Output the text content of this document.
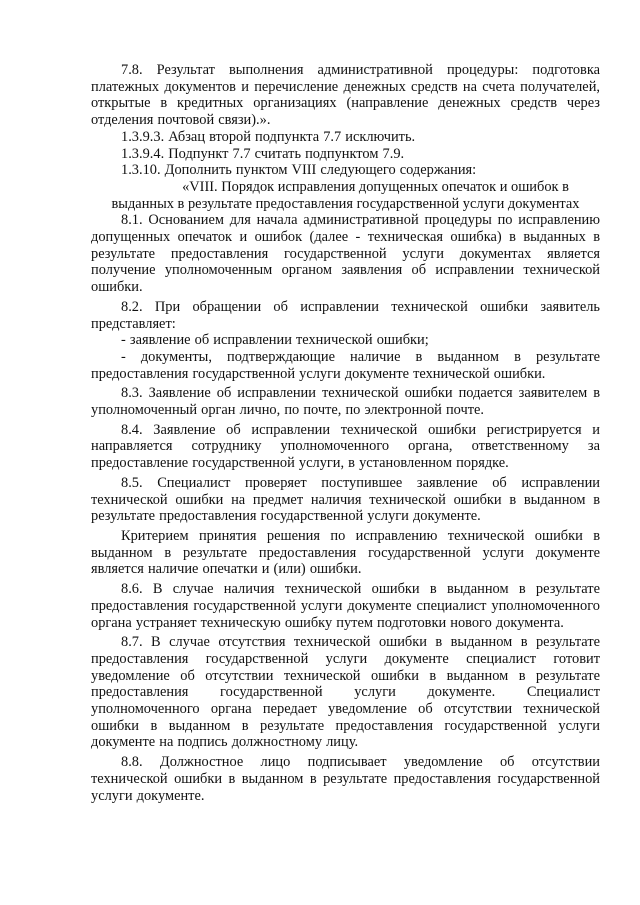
7.8. Результат выполнения административной процедуры: подготовка платежных документов и перечисление денежных средств на счета получателей, открытые в кредитных организациях (направление денежных средств через отделения почтовой связи).».

1.3.9.3. Абзац второй подпункта 7.7 исключить.

1.3.9.4. Подпункт 7.7 считать подпунктом 7.9.

1.3.10. Дополнить пунктом VIII следующего содержания:

«VIII. Порядок исправления допущенных опечаток и ошибок в
выданных в результате предоставления государственной услуги документах

8.1. Основанием для начала административной процедуры по исправлению допущенных опечаток и ошибок (далее - техническая ошибка) в выданных в результате предоставления государственной услуги документах является получение уполномоченным органом заявления об исправлении технической ошибки.

8.2. При обращении об исправлении технической ошибки заявитель представляет:

- заявление об исправлении технической ошибки;

- документы, подтверждающие наличие в выданном в результате предоставления государственной услуги документе технической ошибки.

8.3. Заявление об исправлении технической ошибки подается заявителем в уполномоченный орган лично, по почте, по электронной почте.

8.4. Заявление об исправлении технической ошибки регистрируется и направляется сотруднику уполномоченного органа, ответственному за предоставление государственной услуги, в установленном порядке.

8.5. Специалист проверяет поступившее заявление об исправлении технической ошибки на предмет наличия технической ошибки в выданном в результате предоставления государственной услуги документе.

Критерием принятия решения по исправлению технической ошибки в выданном в результате предоставления государственной услуги документе является наличие опечатки и (или) ошибки.

8.6. В случае наличия технической ошибки в выданном в результате предоставления государственной услуги документе специалист уполномоченного органа устраняет техническую ошибку путем подготовки нового документа.

8.7. В случае отсутствия технической ошибки в выданном в результате предоставления государственной услуги документе специалист готовит уведомление об отсутствии технической ошибки в выданном в результате предоставления государственной услуги документе. Специалист уполномоченного органа передает уведомление об отсутствии технической ошибки в выданном в результате предоставления государственной услуги документе на подпись должностному лицу.

8.8. Должностное лицо подписывает уведомление об отсутствии технической ошибки в выданном в результате предоставления государственной услуги документе.
